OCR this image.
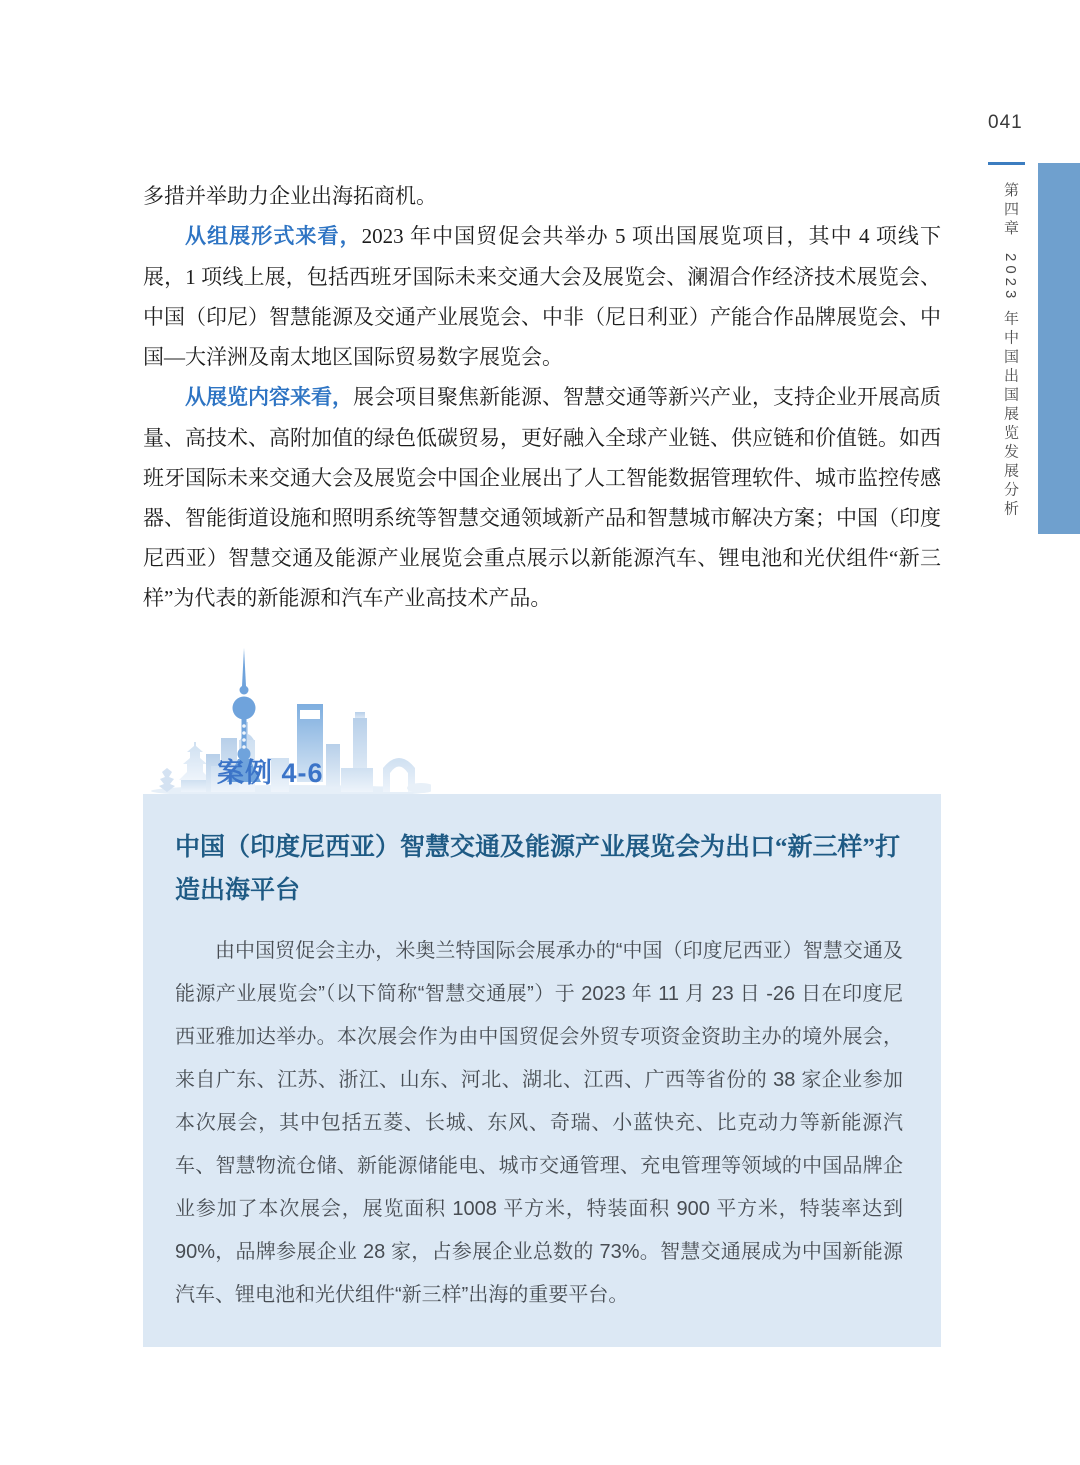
041
第四章2023 年中国出国展览发展分析

多措并举助力企业出海拓商机。

从组展形式来看，2023 年中国贸促会共举办 5 项出国展览项目，其中 4 项线下展，1 项线上展，包括西班牙国际未来交通大会及展览会、澜湄合作经济技术展览会、中国（印尼）智慧能源及交通产业展览会、中非（尼日利亚）产能合作品牌展览会、中国—大洋洲及南太地区国际贸易数字展览会。

从展览内容来看，展会项目聚焦新能源、智慧交通等新兴产业，支持企业开展高质量、高技术、高附加值的绿色低碳贸易，更好融入全球产业链、供应链和价值链。如西班牙国际未来交通大会及展览会中国企业展出了人工智能数据管理软件、城市监控传感器、智能街道设施和照明系统等智慧交通领域新产品和智慧城市解决方案；中国（印度尼西亚）智慧交通及能源产业展览会重点展示以新能源汽车、锂电池和光伏组件“新三样”为代表的新能源和汽车产业高技术产品。

案例 4-6
中国（印度尼西亚）智慧交通及能源产业展览会为出口“新三样”打造出海平台

由中国贸促会主办，米奥兰特国际会展承办的“中国（印度尼西亚）智慧交通及能源产业展览会”（以下简称“智慧交通展”）于 2023 年 11 月 23 日 -26 日在印度尼西亚雅加达举办。本次展会作为由中国贸促会外贸专项资金资助主办的境外展会，来自广东、江苏、浙江、山东、河北、湖北、江西、广西等省份的 38 家企业参加本次展会，其中包括五菱、长城、东风、奇瑞、小蓝快充、比克动力等新能源汽车、智慧物流仓储、新能源储能电、城市交通管理、充电管理等领域的中国品牌企业参加了本次展会，展览面积 1008 平方米，特装面积 900 平方米，特装率达到 90%，品牌参展企业 28 家，占参展企业总数的 73%。智慧交通展成为中国新能源汽车、锂电池和光伏组件“新三样”出海的重要平台。
